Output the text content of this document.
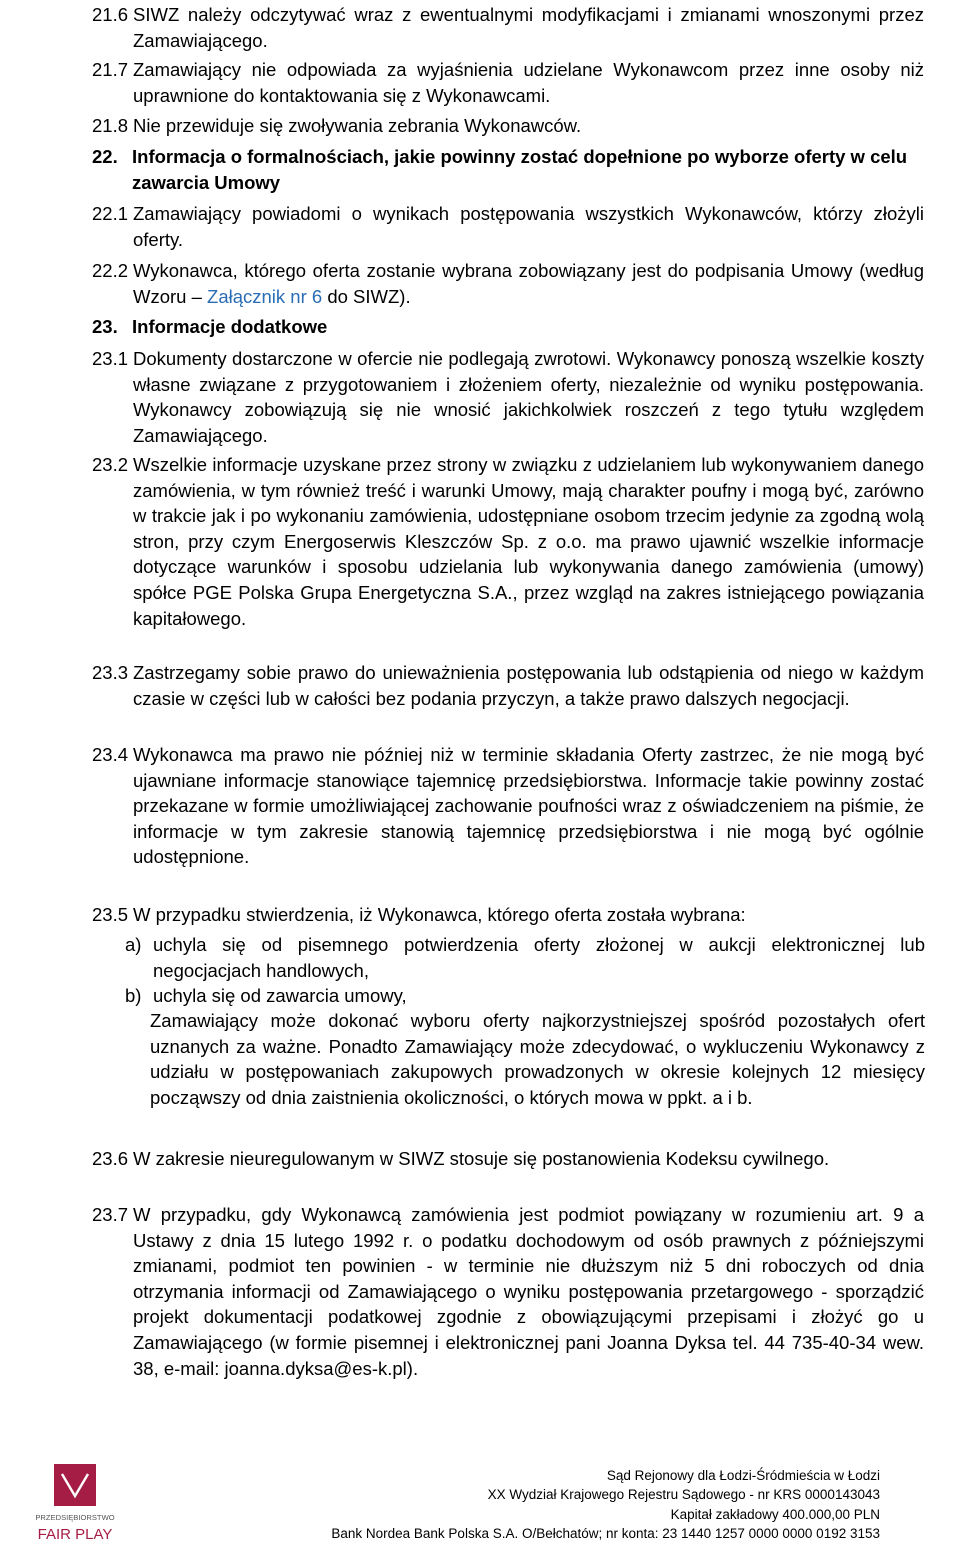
21.6 SIWZ należy odczytywać wraz z ewentualnymi modyfikacjami i zmianami wnoszonymi przez Zamawiającego.
21.7 Zamawiający nie odpowiada za wyjaśnienia udzielane Wykonawcom przez inne osoby niż uprawnione do kontaktowania się z Wykonawcami.
21.8 Nie przewiduje się zwoływania zebrania Wykonawców.
22. Informacja o formalnościach, jakie powinny zostać dopełnione po wyborze oferty w celu zawarcia Umowy
22.1 Zamawiający powiadomi o wynikach postępowania wszystkich Wykonawców, którzy złożyli oferty.
22.2 Wykonawca, którego oferta zostanie wybrana zobowiązany jest do podpisania Umowy (według Wzoru – Załącznik nr 6 do SIWZ).
23. Informacje dodatkowe
23.1 Dokumenty dostarczone w ofercie nie podlegają zwrotowi. Wykonawcy ponoszą wszelkie koszty własne związane z przygotowaniem i złożeniem oferty, niezależnie od wyniku postępowania. Wykonawcy zobowiązują się nie wnosić jakichkolwiek roszczeń z tego tytułu względem Zamawiającego.
23.2 Wszelkie informacje uzyskane przez strony w związku z udzielaniem lub wykonywaniem danego zamówienia, w tym również treść i warunki Umowy, mają charakter poufny i mogą być, zarówno w trakcie jak i po wykonaniu zamówienia, udostępniane osobom trzecim jedynie za zgodną wolą stron, przy czym Energoserwis Kleszczów Sp. z o.o. ma prawo ujawnić wszelkie informacje dotyczące warunków i sposobu udzielania lub wykonywania danego zamówienia (umowy) spółce PGE Polska Grupa Energetyczna S.A., przez wzgląd na zakres istniejącego powiązania kapitałowego.
23.3 Zastrzegamy sobie prawo do unieważnienia postępowania lub odstąpienia od niego w każdym czasie w części lub w całości bez podania przyczyn, a także prawo dalszych negocjacji.
23.4 Wykonawca ma prawo nie później niż w terminie składania Oferty zastrzec, że nie mogą być ujawniane informacje stanowiące tajemnicę przedsiębiorstwa. Informacje takie powinny zostać przekazane w formie umożliwiającej zachowanie poufności wraz z oświadczeniem na piśmie, że informacje w tym zakresie stanowią tajemnicę przedsiębiorstwa i nie mogą być ogólnie udostępnione.
23.5 W przypadku stwierdzenia, iż Wykonawca, którego oferta została wybrana:
a) uchyla się od pisemnego potwierdzenia oferty złożonej w aukcji elektronicznej lub negocjacjach handlowych,
b) uchyla się od zawarcia umowy,
Zamawiający może dokonać wyboru oferty najkorzystniejszej spośród pozostałych ofert uznanych za ważne. Ponadto Zamawiający może zdecydować, o wykluczeniu Wykonawcy z udziału w postępowaniach zakupowych prowadzonych w okresie kolejnych 12 miesięcy począwszy od dnia zaistnienia okoliczności, o których mowa w ppkt. a i b.
23.6 W zakresie nieuregulowanym w SIWZ stosuje się postanowienia Kodeksu cywilnego.
23.7 W przypadku, gdy Wykonawcą zamówienia jest podmiot powiązany w rozumieniu art. 9 a Ustawy z dnia 15 lutego 1992 r. o podatku dochodowym od osób prawnych z późniejszymi zmianami, podmiot ten powinien - w terminie nie dłuższym niż 5 dni roboczych od dnia otrzymania informacji od Zamawiającego o wyniku postępowania przetargowego - sporządzić projekt dokumentacji podatkowej zgodnie z obowiązującymi przepisami i złożyć go u Zamawiającego (w formie pisemnej i elektronicznej pani Joanna Dyksa tel. 44 735-40-34 wew. 38, e-mail: joanna.dyksa@es-k.pl).
PRZEDSIĘBIORSTWO
FAIR PLAY
Sąd Rejonowy dla Łodzi-Śródmieścia w Łodzi
XX Wydział Krajowego Rejestru Sądowego - nr KRS 0000143043
Kapitał zakładowy 400.000,00 PLN
Bank Nordea Bank Polska S.A. O/Bełchatów; nr konta: 23 1440 1257 0000 0000 0192 3153
